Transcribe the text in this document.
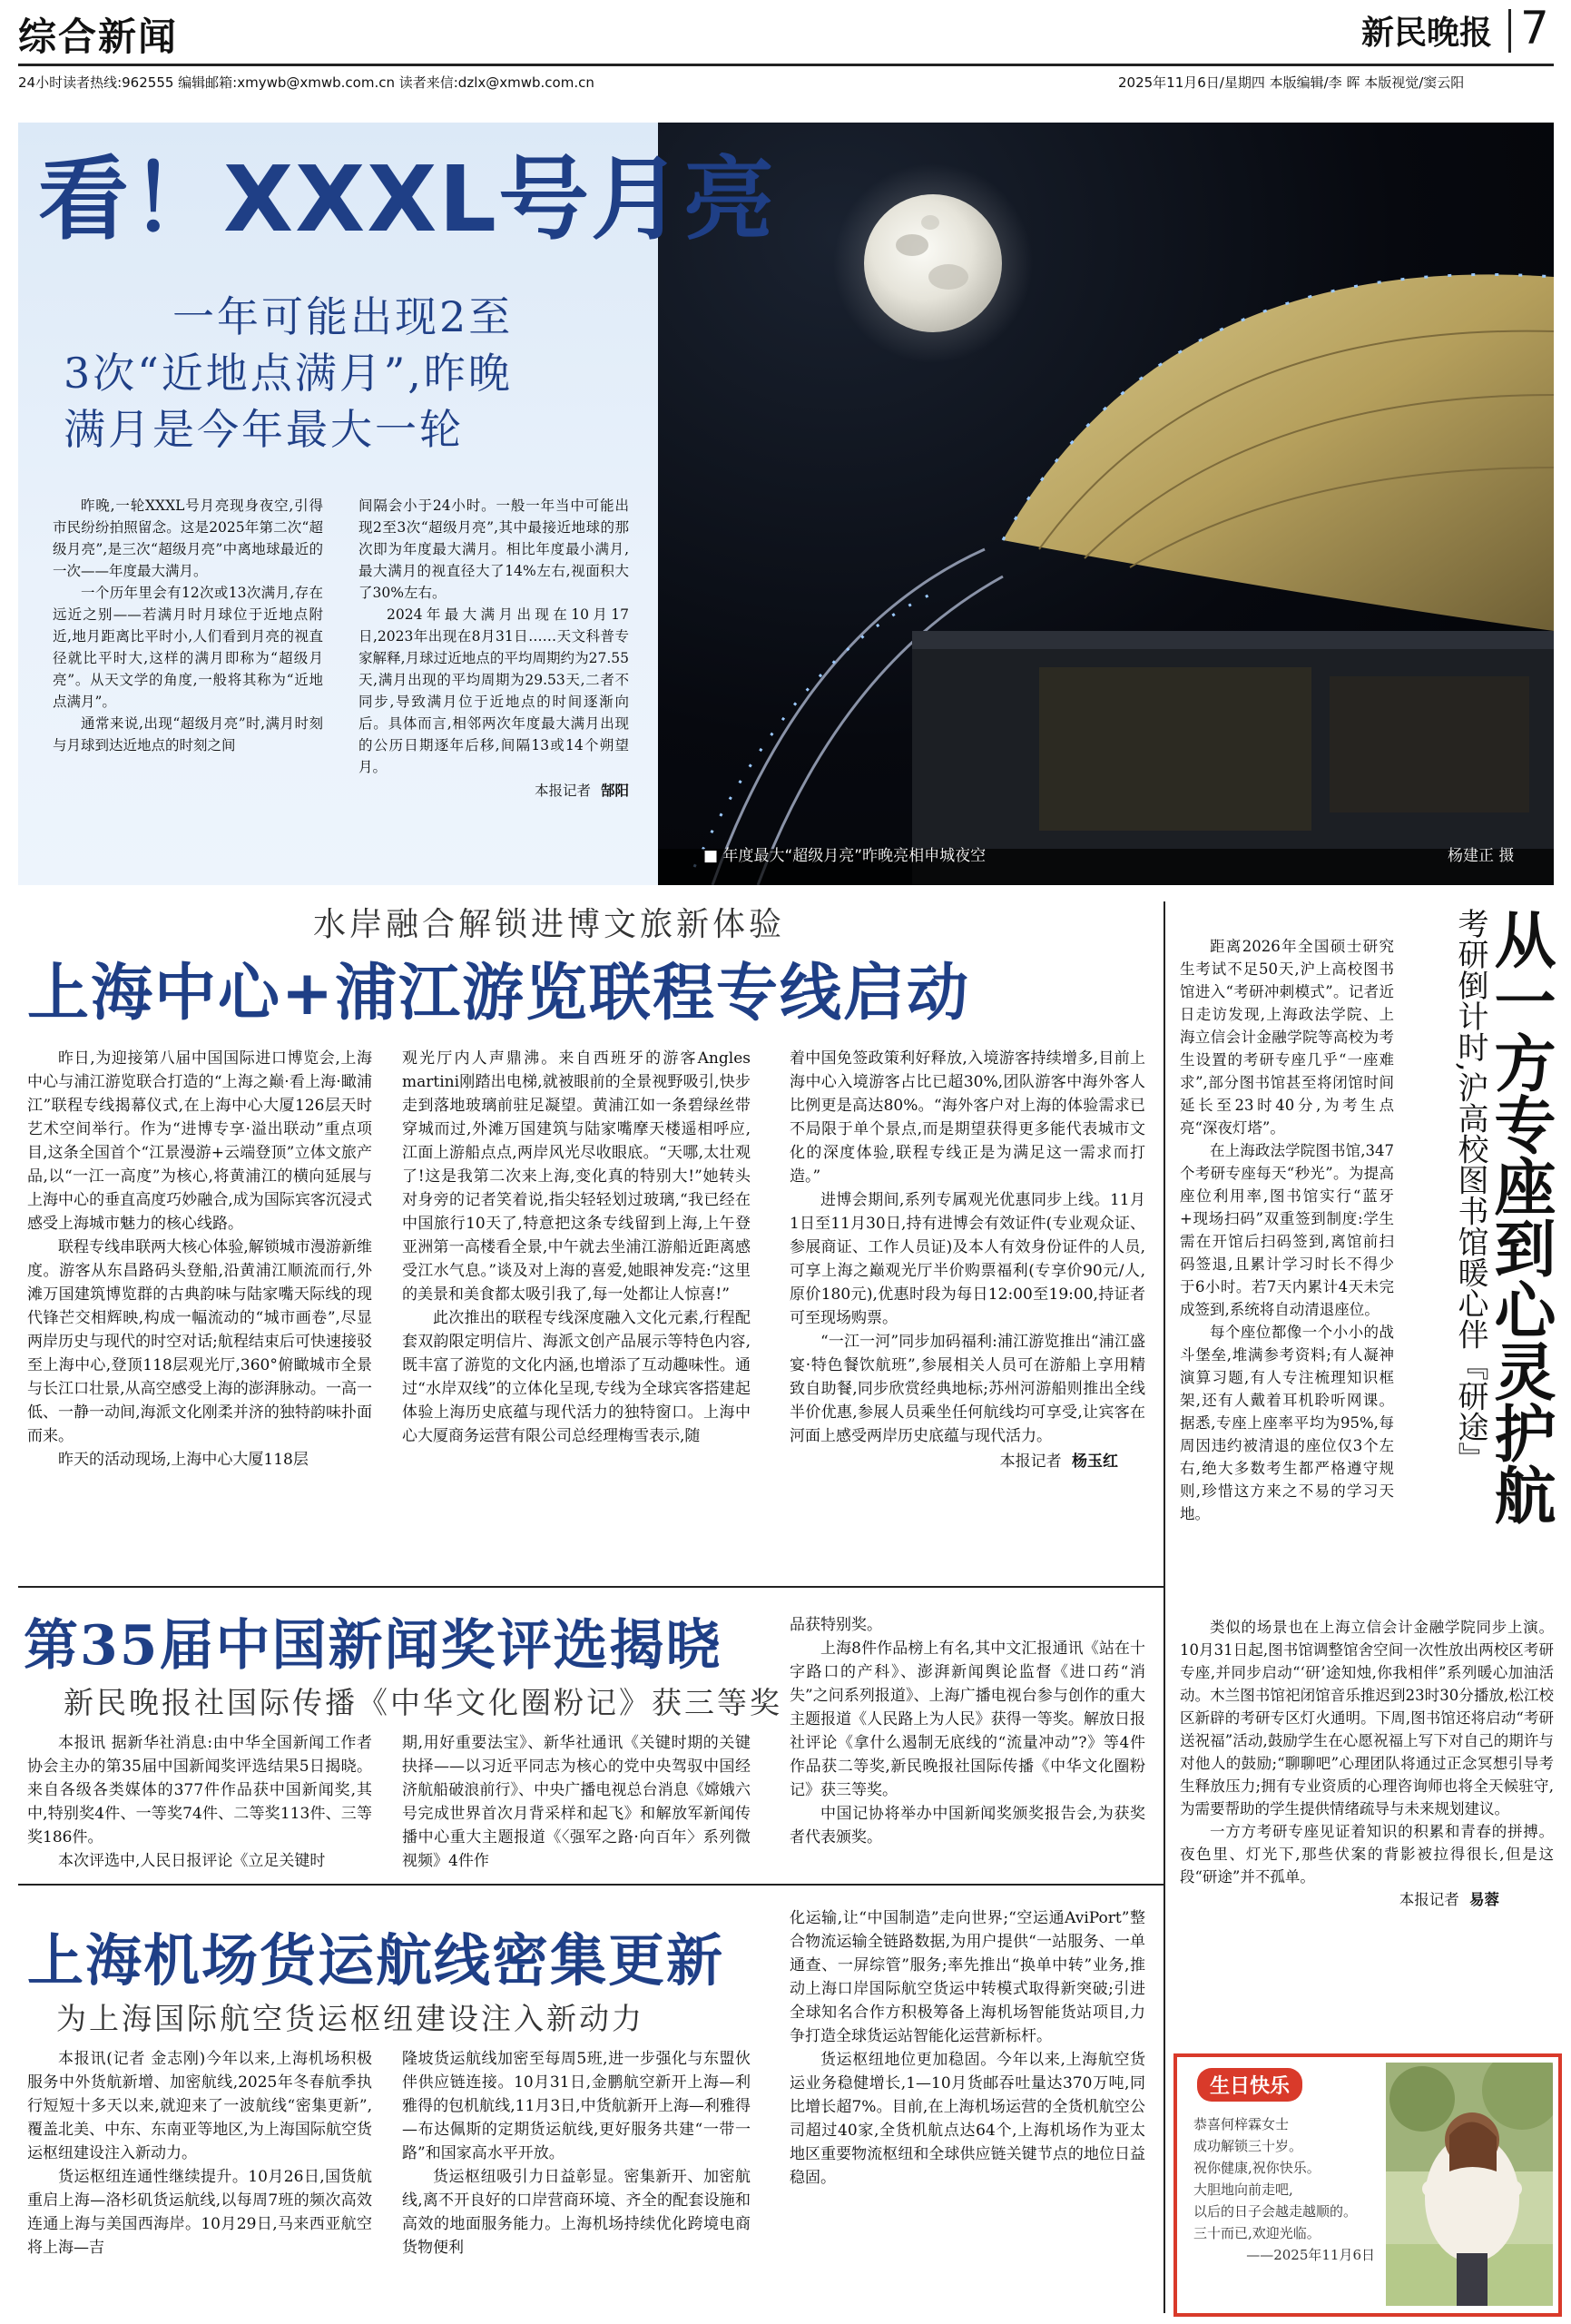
综合新闻	新民晚报 7
24小时读者热线:962555 编辑邮箱:xmywb@xmwb.com.cn 读者来信:dzlx@xmwb.com.cn	2025年11月6日/星期四 本版编辑/李 晖 本版视觉/窦云阳
看！XXXL号月亮
一年可能出现2至
3次“近地点满月”,昨晚
满月是今年最大一轮

昨晚,一轮XXXL号月亮现身夜空,引得市民纷纷拍照留念。这是2025年第二次“超级月亮”,是三次“超级月亮”中离地球最近的一次——年度最大满月。

一个历年里会有12次或13次满月,存在远近之别——若满月时月球位于近地点附近,地月距离比平时小,人们看到月亮的视直径就比平时大,这样的满月即称为“超级月亮”。从天文学的角度,一般将其称为“近地点满月”。

通常来说,出现“超级月亮”时,满月时刻与月球到达近地点的时刻之间

间隔会小于24小时。一般一年当中可能出现2至3次“超级月亮”,其中最接近地球的那次即为年度最大满月。相比年度最小满月,最大满月的视直径大了14%左右,视面积大了30%左右。

2024年最大满月出现在10月17日,2023年出现在8月31日……天文科普专家解释,月球过近地点的平均周期约为27.55天,满月出现的平均周期为29.53天,二者不同步,导致满月位于近地点的时间逐渐向后。具体而言,相邻两次年度最大满月出现的公历日期逐年后移,间隔13或14个朔望月。

本报记者 郜阳
■ 年度最大“超级月亮”昨晚亮相申城夜空	杨建正 摄
水岸融合解锁进博文旅新体验
上海中心+浦江游览联程专线启动

昨日,为迎接第八届中国国际进口博览会,上海中心与浦江游览联合打造的“上海之巅·看上海·瞰浦江”联程专线揭幕仪式,在上海中心大厦126层天时艺术空间举行。作为“进博专享·溢出联动”重点项目,这条全国首个“江景漫游+云端登顶”立体文旅产品,以“一江一高度”为核心,将黄浦江的横向延展与上海中心的垂直高度巧妙融合,成为国际宾客沉浸式感受上海城市魅力的核心线路。

联程专线串联两大核心体验,解锁城市漫游新维度。游客从东昌路码头登船,沿黄浦江顺流而行,外滩万国建筑博览群的古典韵味与陆家嘴天际线的现代锋芒交相辉映,构成一幅流动的“城市画卷”,尽显两岸历史与现代的时空对话;航程结束后可快速接驳至上海中心,登顶118层观光厅,360°俯瞰城市全景与长江口壮景,从高空感受上海的澎湃脉动。一高一低、一静一动间,海派文化刚柔并济的独特韵味扑面而来。

昨天的活动现场,上海中心大厦118层

观光厅内人声鼎沸。来自西班牙的游客Angles martini刚踏出电梯,就被眼前的全景视野吸引,快步走到落地玻璃前驻足凝望。黄浦江如一条碧绿丝带穿城而过,外滩万国建筑与陆家嘴摩天楼遥相呼应,江面上游船点点,两岸风光尽收眼底。“天哪,太壮观了!这是我第二次来上海,变化真的特别大!”她转头对身旁的记者笑着说,指尖轻轻划过玻璃,“我已经在中国旅行10天了,特意把这条专线留到上海,上午登亚洲第一高楼看全景,中午就去坐浦江游船近距离感受江水气息。”谈及对上海的喜爱,她眼神发亮:“这里的美景和美食都太吸引我了,每一处都让人惊喜!”

此次推出的联程专线深度融入文化元素,行程配套双韵限定明信片、海派文创产品展示等特色内容,既丰富了游览的文化内涵,也增添了互动趣味性。通过“水岸双线”的立体化呈现,专线为全球宾客搭建起体验上海历史底蕴与现代活力的独特窗口。上海中心大厦商务运营有限公司总经理梅雪表示,随

着中国免签政策利好释放,入境游客持续增多,目前上海中心入境游客占比已超30%,团队游客中海外客人比例更是高达80%。“海外客户对上海的体验需求已不局限于单个景点,而是期望获得更多能代表城市文化的深度体验,联程专线正是为满足这一需求而打造。”

进博会期间,系列专属观光优惠同步上线。11月1日至11月30日,持有进博会有效证件(专业观众证、参展商证、工作人员证)及本人有效身份证件的人员,可享上海之巅观光厅半价购票福利(专享价90元/人,原价180元),优惠时段为每日12:00至19:00,持证者可至现场购票。

“一江一河”同步加码福利:浦江游览推出“浦江盛宴·特色餐饮航班”,参展相关人员可在游船上享用精致自助餐,同步欣赏经典地标;苏州河游船则推出全线半价优惠,参展人员乘坐任何航线均可享受,让宾客在河面上感受两岸历史底蕴与现代活力。

本报记者 杨玉红
第35届中国新闻奖评选揭晓
新民晚报社国际传播《中华文化圈粉记》获三等奖

本报讯 据新华社消息:由中华全国新闻工作者协会主办的第35届中国新闻奖评选结果5日揭晓。来自各级各类媒体的377件作品获中国新闻奖,其中,特别奖4件、一等奖74件、二等奖113件、三等奖186件。

本次评选中,人民日报评论《立足关键时

期,用好重要法宝》、新华社通讯《关键时期的关键抉择——以习近平同志为核心的党中央驾驭中国经济航船破浪前行》、中央广播电视总台消息《嫦娥六号完成世界首次月背采样和起飞》和解放军新闻传播中心重大主题报道《〈强军之路·向百年〉系列微视频》4件作

品获特别奖。

上海8件作品榜上有名,其中文汇报通讯《站在十字路口的产科》、澎湃新闻舆论监督《进口药“消失”之问系列报道》、上海广播电视台参与创作的重大主题报道《人民路上为人民》获得一等奖。解放日报社评论《拿什么遏制无底线的“流量冲动”?》等4件作品获二等奖,新民晚报社国际传播《中华文化圈粉记》获三等奖。

中国记协将举办中国新闻奖颁奖报告会,为获奖者代表颁奖。

上海机场货运航线密集更新
为上海国际航空货运枢纽建设注入新动力

本报讯(记者 金志刚)今年以来,上海机场积极服务中外货航新增、加密航线,2025年冬春航季执行短短十多天以来,就迎来了一波航线“密集更新”,覆盖北美、中东、东南亚等地区,为上海国际航空货运枢纽建设注入新动力。

货运枢纽连通性继续提升。10月26日,国货航重启上海—洛杉矶货运航线,以每周7班的频次高效连通上海与美国西海岸。10月29日,马来西亚航空将上海—吉

隆坡货运航线加密至每周5班,进一步强化与东盟伙伴供应链连接。10月31日,金鹏航空新开上海—利雅得的包机航线,11月3日,中货航新开上海—利雅得—布达佩斯的定期货运航线,更好服务共建“一带一路”和国家高水平开放。

货运枢纽吸引力日益彰显。密集新开、加密航线,离不开良好的口岸营商环境、齐全的配套设施和高效的地面服务能力。上海机场持续优化跨境电商货物便利

化运输,让“中国制造”走向世界;“空运通AviPort”整合物流运输全链路数据,为用户提供“一站服务、一单通查、一屏综管”服务;率先推出“换单中转”业务,推动上海口岸国际航空货运中转模式取得新突破;引进全球知名合作方积极筹备上海机场智能货站项目,力争打造全球货运站智能化运营新标杆。

货运枢纽地位更加稳固。今年以来,上海航空货运业务稳健增长,1—10月货邮吞吐量达370万吨,同比增长超7%。目前,在上海机场运营的全货机航空公司超过40家,全货机航点达64个,上海机场作为亚太地区重要物流枢纽和全球供应链关键节点的地位日益稳固。

从一方专座到心灵护航
考研倒计时,沪高校图书馆暖心伴『研途』

距离2026年全国硕士研究生考试不足50天,沪上高校图书馆进入“考研冲刺模式”。记者近日走访发现,上海政法学院、上海立信会计金融学院等高校为考生设置的考研专座几乎“一座难求”,部分图书馆甚至将闭馆时间延长至23时40分,为考生点亮“深夜灯塔”。

在上海政法学院图书馆,347个考研专座每天“秒光”。为提高座位利用率,图书馆实行“蓝牙+现场扫码”双重签到制度:学生需在开馆后扫码签到,离馆前扫码签退,且累计学习时长不得少于6小时。若7天内累计4天未完成签到,系统将自动清退座位。

每个座位都像一个小小的战斗堡垒,堆满参考资料;有人凝神演算习题,有人专注梳理知识框架,还有人戴着耳机聆听网课。据悉,专座上座率平均为95%,每周因违约被清退的座位仅3个左右,绝大多数考生都严格遵守规则,珍惜这方来之不易的学习天地。

类似的场景也在上海立信会计金融学院同步上演。10月31日起,图书馆调整馆舍空间一次性放出两校区考研专座,并同步启动“‘研’途知烛,你我相伴”系列暖心加油活动。木兰图书馆祀闭馆音乐推迟到23时30分播放,松江校区新辟的考研专区灯火通明。下周,图书馆还将启动“考研送祝福”活动,鼓励学生在心愿祝福上写下对自己的期许与对他人的鼓励;“聊聊吧”心理团队将通过正念冥想引导考生释放压力;拥有专业资质的心理咨询师也将全天候驻守,为需要帮助的学生提供情绪疏导与未来规划建议。

一方方考研专座见证着知识的积累和青春的拼搏。夜色里、灯光下,那些伏案的背影被拉得很长,但是这段“研途”并不孤单。

本报记者 易蓉
生日快乐
恭喜何梓霖女士
成功解锁三十岁。
祝你健康,祝你快乐。
大胆地向前走吧,
以后的日子会越走越顺的。
三十而已,欢迎光临。
——2025年11月6日
